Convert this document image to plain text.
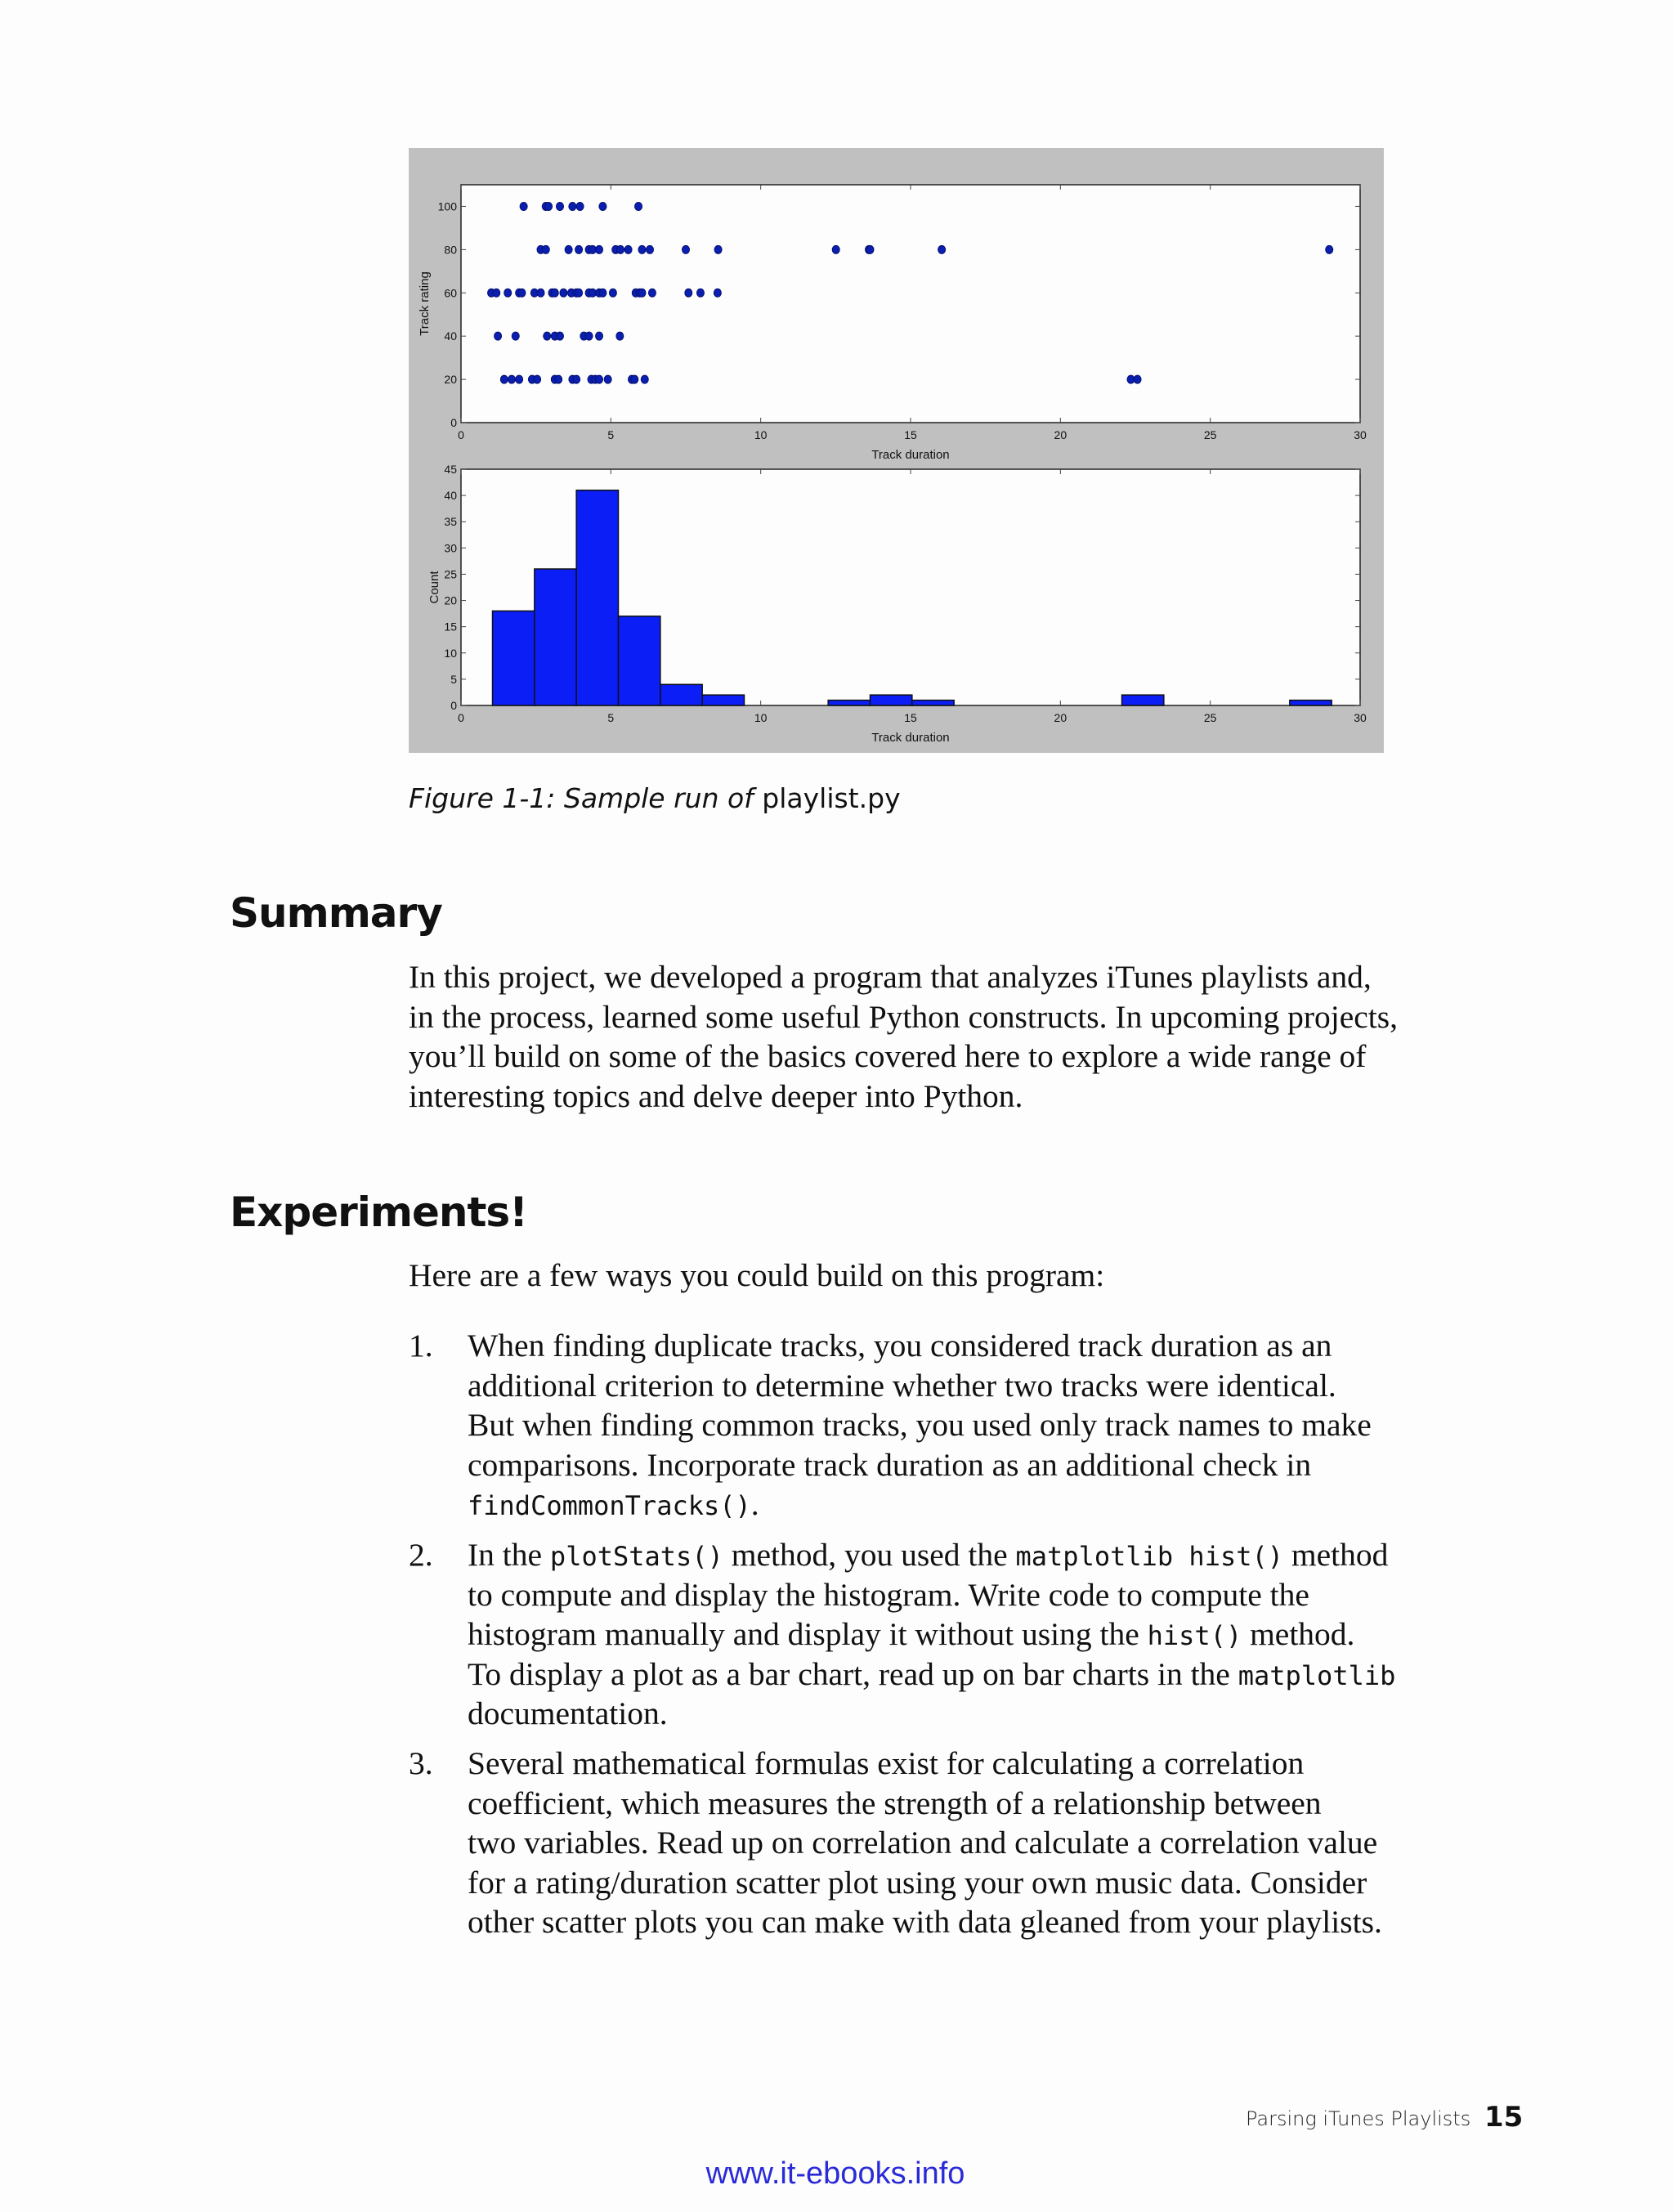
0	5	10	15	20	25	30
0
20
40
60
80
100
Track duration
Track rating
0	5	10	15	20	25	30
0
5
10
15
20
25
30
35
40
45
Track duration
Count
Figure 1-1: Sample run of playlist.py
Summary
In this project, we developed a program that analyzes iTunes playlists and,
in the process, learned some useful Python constructs. In upcoming projects,
you’ll build on some of the basics covered here to explore a wide range of
interesting topics and delve deeper into Python.
Experiments!
Here are a few ways you could build on this program:
1. When finding duplicate tracks, you considered track duration as an
additional criterion to determine whether two tracks were identical.
But when finding common tracks, you used only track names to make
comparisons. Incorporate track duration as an additional check in
findCommonTracks().
2. In the plotStats() method, you used the matplotlib hist() method
to compute and display the histogram. Write code to compute the
histogram manually and display it without using the hist() method.
To display a plot as a bar chart, read up on bar charts in the matplotlib
documentation.
3. Several mathematical formulas exist for calculating a correlation
coefficient, which measures the strength of a relationship between
two variables. Read up on correlation and calculate a correlation value
for a rating/duration scatter plot using your own music data. Consider
other scatter plots you can make with data gleaned from your playlists.
Parsing iTunes Playlists 15
www.it-ebooks.info
